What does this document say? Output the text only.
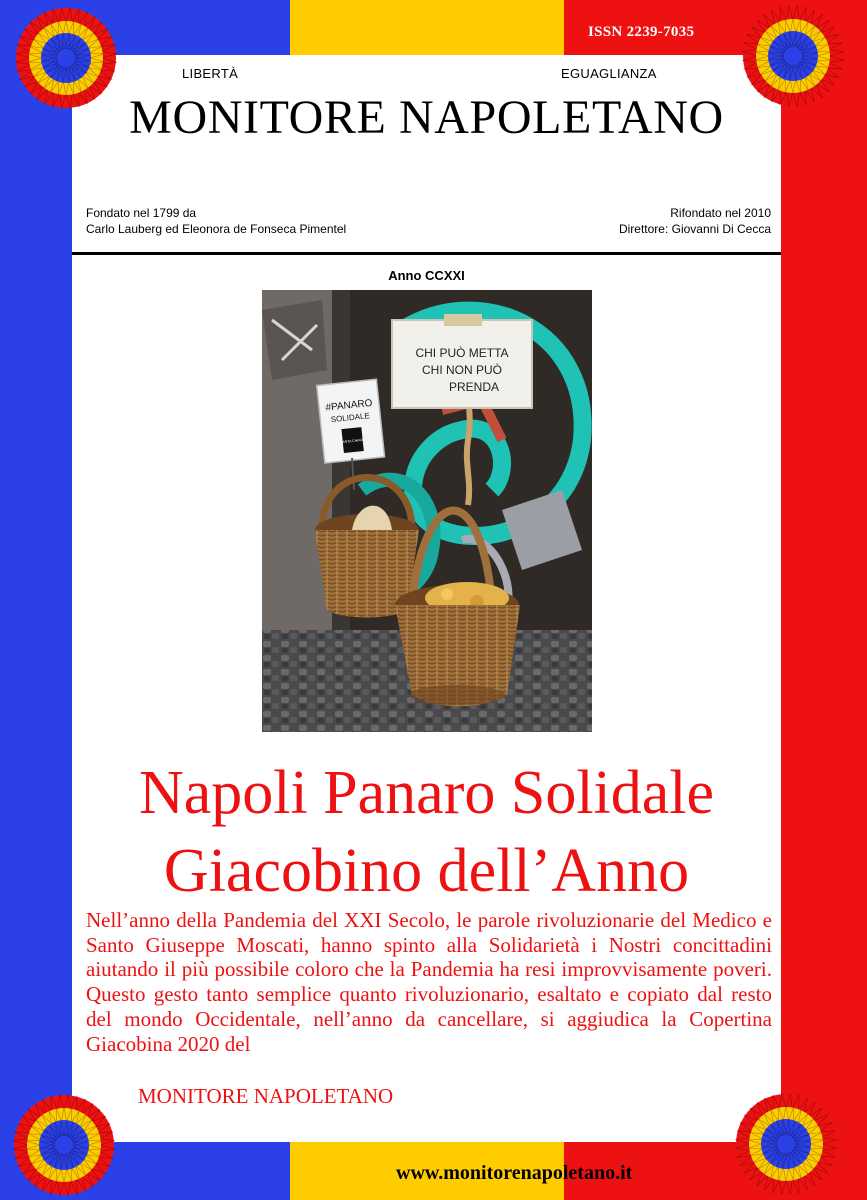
ISSN 2239-7035
LIBERTÀ	EGUAGLIANZA
MONITORE NAPOLETANO
Fondato nel 1799 da
Carlo Lauberg ed Eleonora de Fonseca Pimentel
Rifondato nel 2010
Direttore: Giovanni Di Cecca
Anno CCXXI
CHI PUÒ METTA
CHI NON PUÒ
PRENDA
#PANARO
SOLIDALE
SANTA CHIARA
Napoli Panaro Solidale
Giacobino dell’Anno
Nell’anno della Pandemia del XXI Secolo, le parole rivoluzionarie del Medico e Santo Giuseppe Moscati, hanno spinto alla Solidarietà i Nostri concittadini aiutando il più possibile coloro che la Pandemia ha resi improvvisamente poveri. Questo gesto tanto semplice quanto rivoluzionario, esaltato e copiato dal resto del mondo Occidentale, nell’anno da cancellare, si aggiudica la Copertina Giacobina 2020 del
MONITORE NAPOLETANO
www.monitorenapoletano.it
